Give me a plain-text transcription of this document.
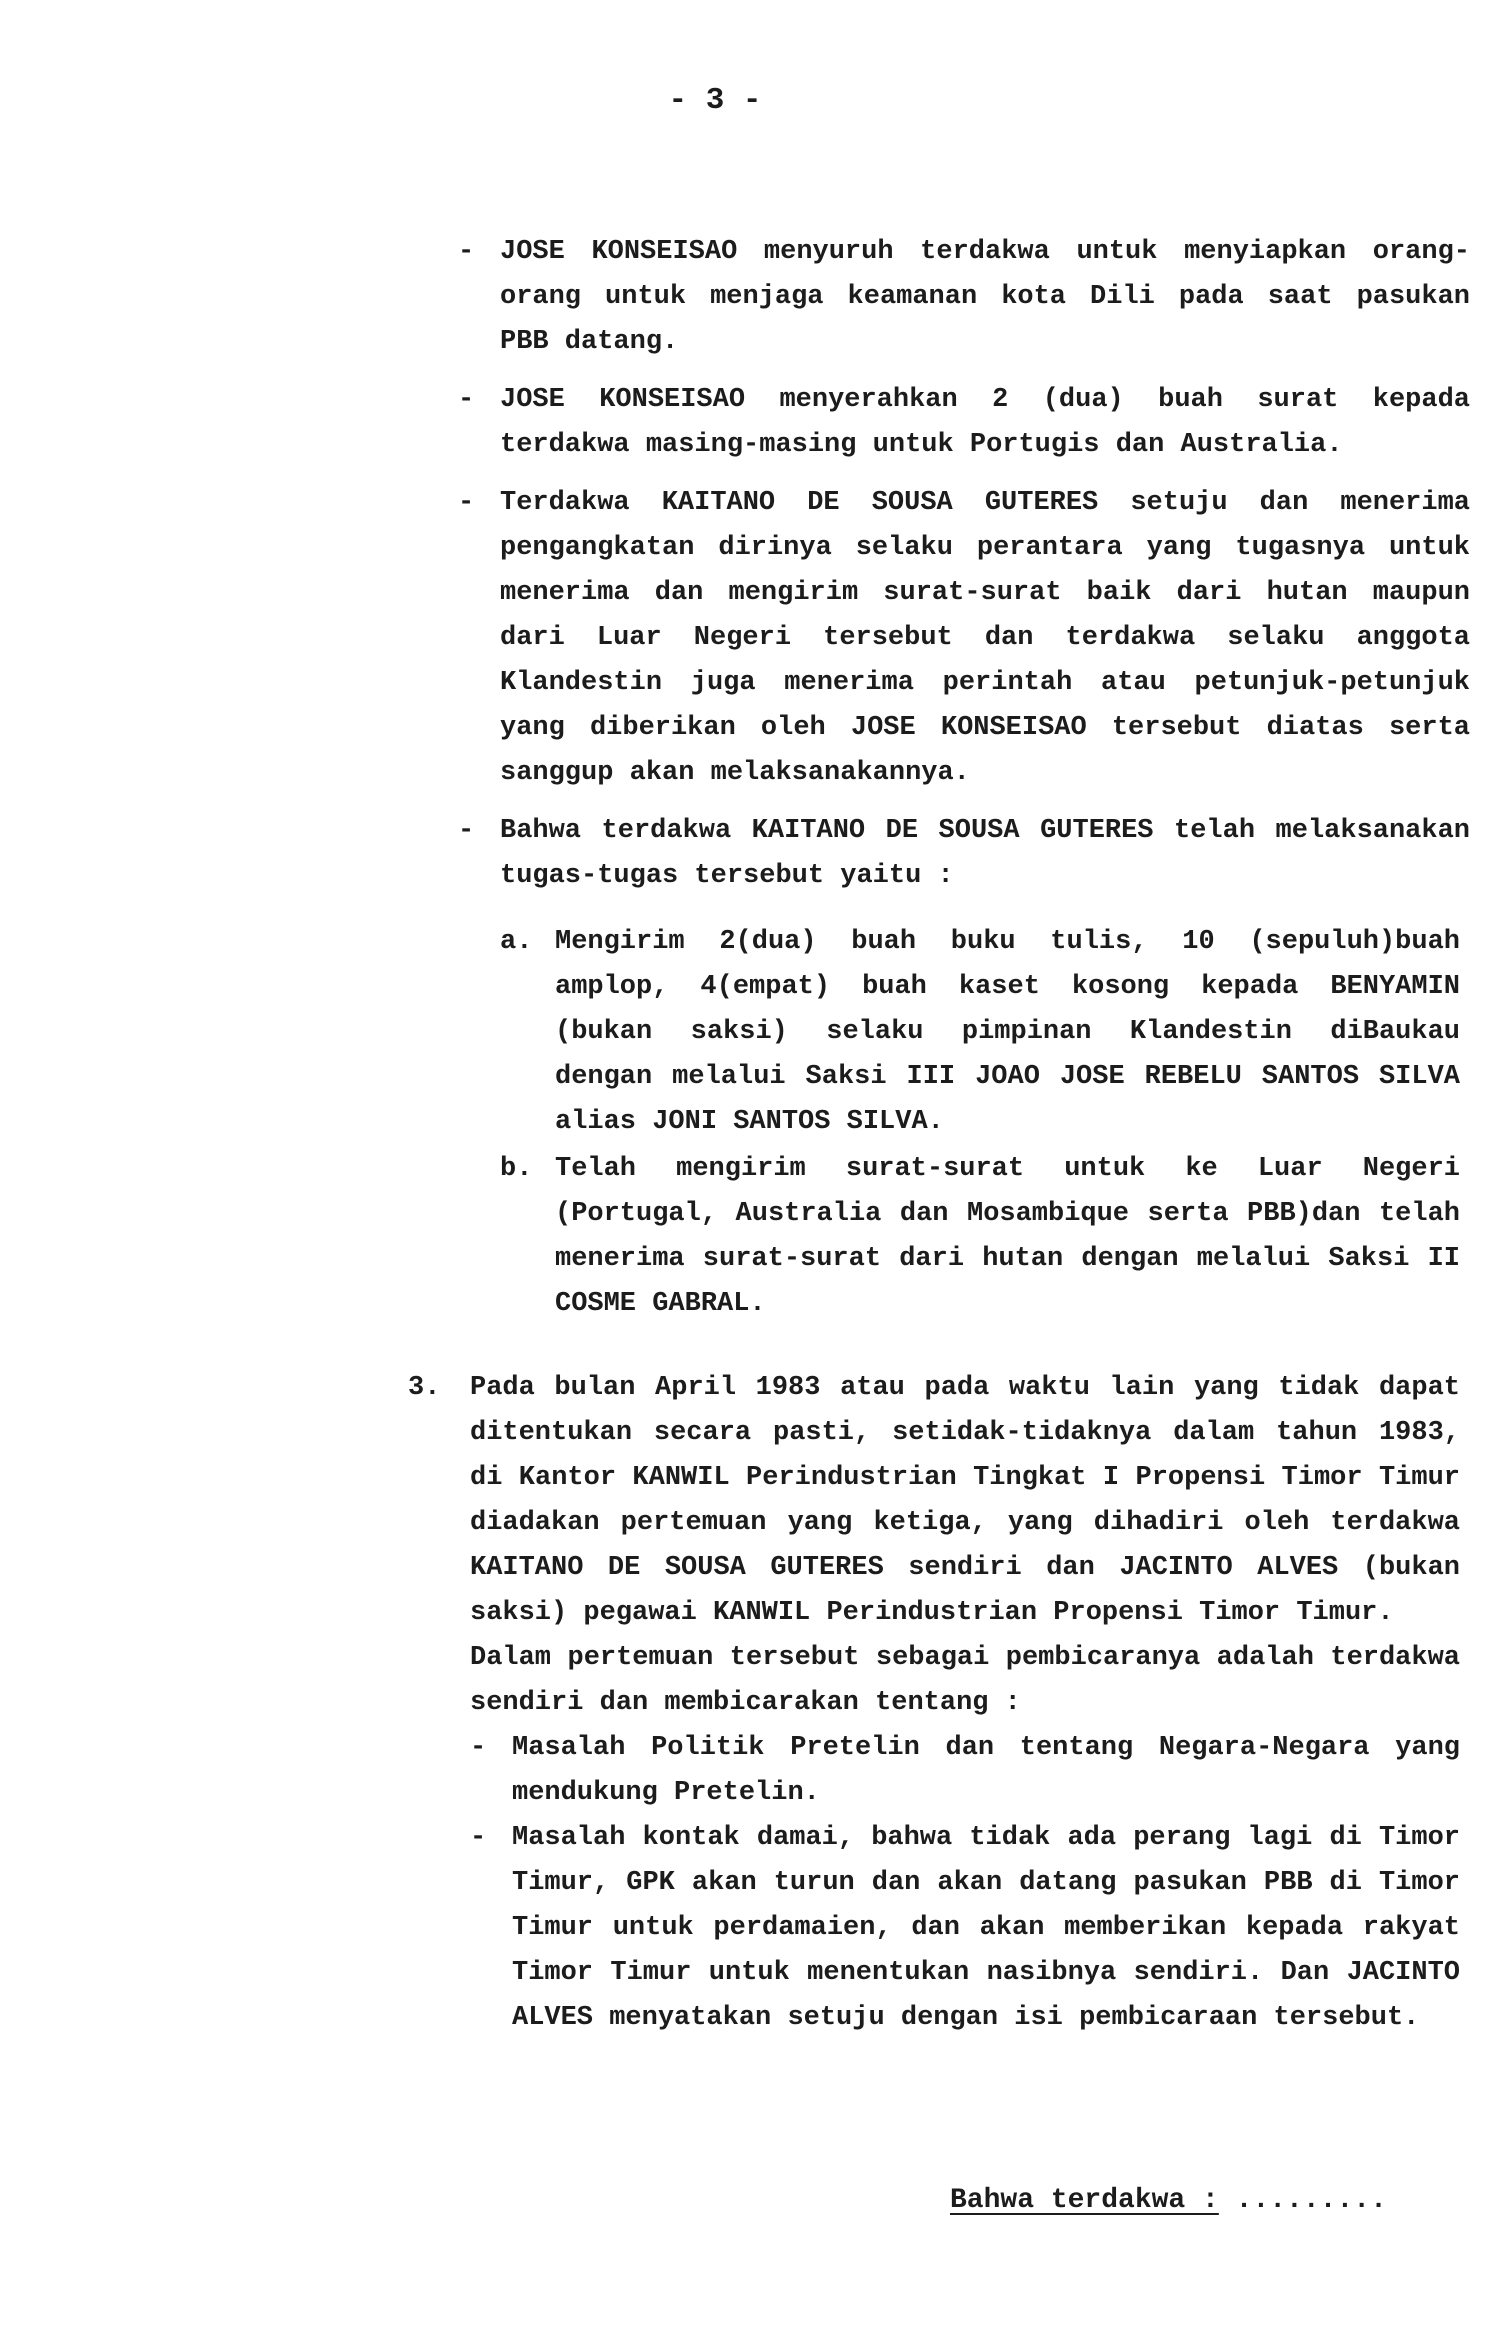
- 3 -
- JOSE KONSEISAO menyuruh terdakwa untuk menyiapkan orang-orang untuk menjaga keamanan kota Dili pada saat pasukan PBB datang.
- JOSE KONSEISAO menyerahkan 2 (dua) buah surat kepada terdakwa masing-masing untuk Portugis dan Australia.
- Terdakwa KAITANO DE SOUSA GUTERES setuju dan menerima pengangkatan dirinya selaku perantara yang tugasnya untuk menerima dan mengirim surat-surat baik dari hutan maupun dari Luar Negeri tersebut dan terdakwa selaku anggota Klandestin juga menerima perintah atau petunjuk-petunjuk yang diberikan oleh JOSE KONSEISAO tersebut diatas serta sanggup akan melaksanakannya.
- Bahwa terdakwa KAITANO DE SOUSA GUTERES telah melaksanakan tugas-tugas tersebut yaitu :
a. Mengirim 2(dua) buah buku tulis, 10 (sepuluh)buah amplop, 4(empat) buah kaset kosong kepada BENYAMIN (bukan saksi) selaku pimpinan Klandestin diBaukau dengan melalui Saksi III JOAO JOSE REBELU SANTOS SILVA alias JONI SANTOS SILVA.
b. Telah mengirim surat-surat untuk ke Luar Negeri (Portugal, Australia dan Mosambique serta PBB)dan telah menerima surat-surat dari hutan dengan melalui Saksi II COSME GABRAL.
3. Pada bulan April 1983 atau pada waktu lain yang tidak dapat ditentukan secara pasti, setidak-tidaknya dalam tahun 1983, di Kantor KANWIL Perindustrian Tingkat I Propensi Timor Timur diadakan pertemuan yang ketiga, yang dihadiri oleh terdakwa KAITANO DE SOUSA GUTERES sendiri dan JACINTO ALVES (bukan saksi) pegawai KANWIL Perindustrian Propensi Timor Timur.
Dalam pertemuan tersebut sebagai pembicaranya adalah terdakwa sendiri dan membicarakan tentang :
- Masalah Politik Pretelin dan tentang Negara-Negara yang mendukung Pretelin.
- Masalah kontak damai, bahwa tidak ada perang lagi di Timor Timur, GPK akan turun dan akan datang pasukan PBB di Timor Timur untuk perdamaien, dan akan memberikan kepada rakyat Timor Timur untuk menentukan nasibnya sendiri. Dan JACINTO ALVES menyatakan setuju dengan isi pembicaraan tersebut.
Bahwa terdakwa : .........
